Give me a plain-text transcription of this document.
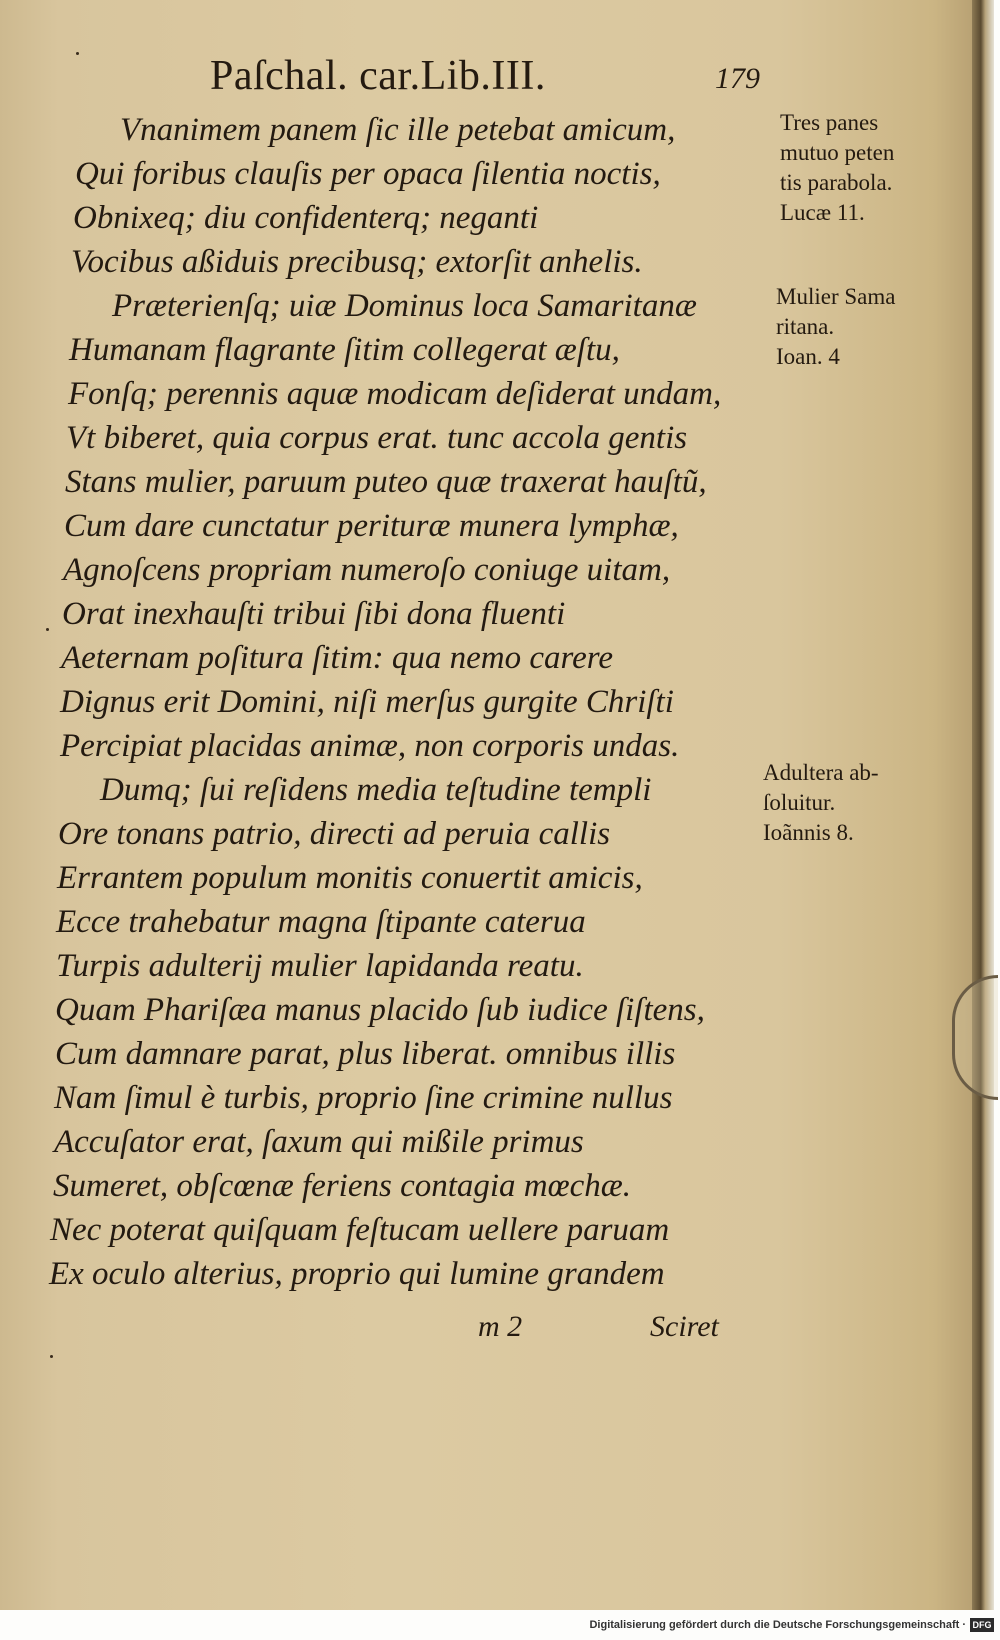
Paſchal. car.Lib.III.	179
Vnanimem panem ſic ille petebat amicum,
Qui foribus clauſis per opaca ſilentia noctis,
Obnixeq; diu confidenterq; neganti
Vocibus aßiduis precibusq; extorſit anhelis.
Præterienſq; uiæ Dominus loca Samaritanæ
Humanam flagrante ſitim collegerat æſtu,
Fonſq; perennis aquæ modicam deſiderat undam,
Vt biberet, quia corpus erat. tunc accola gentis
Stans mulier, paruum puteo quæ traxerat hauſtũ,
Cum dare cunctatur perituræ munera lymphæ,
Agnoſcens propriam numeroſo coniuge uitam,
Orat inexhauſti tribui ſibi dona fluenti
Aeternam poſitura ſitim: qua nemo carere
Dignus erit Domini, niſi merſus gurgite Chriſti
Percipiat placidas animæ, non corporis undas.
Dumq; ſui reſidens media teſtudine templi
Ore tonans patrio, directi ad peruia callis
Errantem populum monitis conuertit amicis,
Ecce trahebatur magna ſtipante caterua
Turpis adulterij mulier lapidanda reatu.
Quam Phariſæa manus placido ſub iudice ſiſtens,
Cum damnare parat, plus liberat. omnibus illis
Nam ſimul è turbis, proprio ſine crimine nullus
Accuſator erat, ſaxum qui mißile primus
Sumeret, obſcœnæ feriens contagia mœchæ.
Nec poterat quiſquam feſtucam uellere paruam
Ex oculo alterius, proprio qui lumine grandem
Tres panes
mutuo peten
tis parabola.
Lucæ 11.
Mulier Sama
ritana.
Ioan. 4
Adultera ab-
ſoluitur.
Ioãnnis 8.
m 2	Sciret
Digitalisierung gefördert durch die Deutsche Forschungsgemeinschaft · DFG
